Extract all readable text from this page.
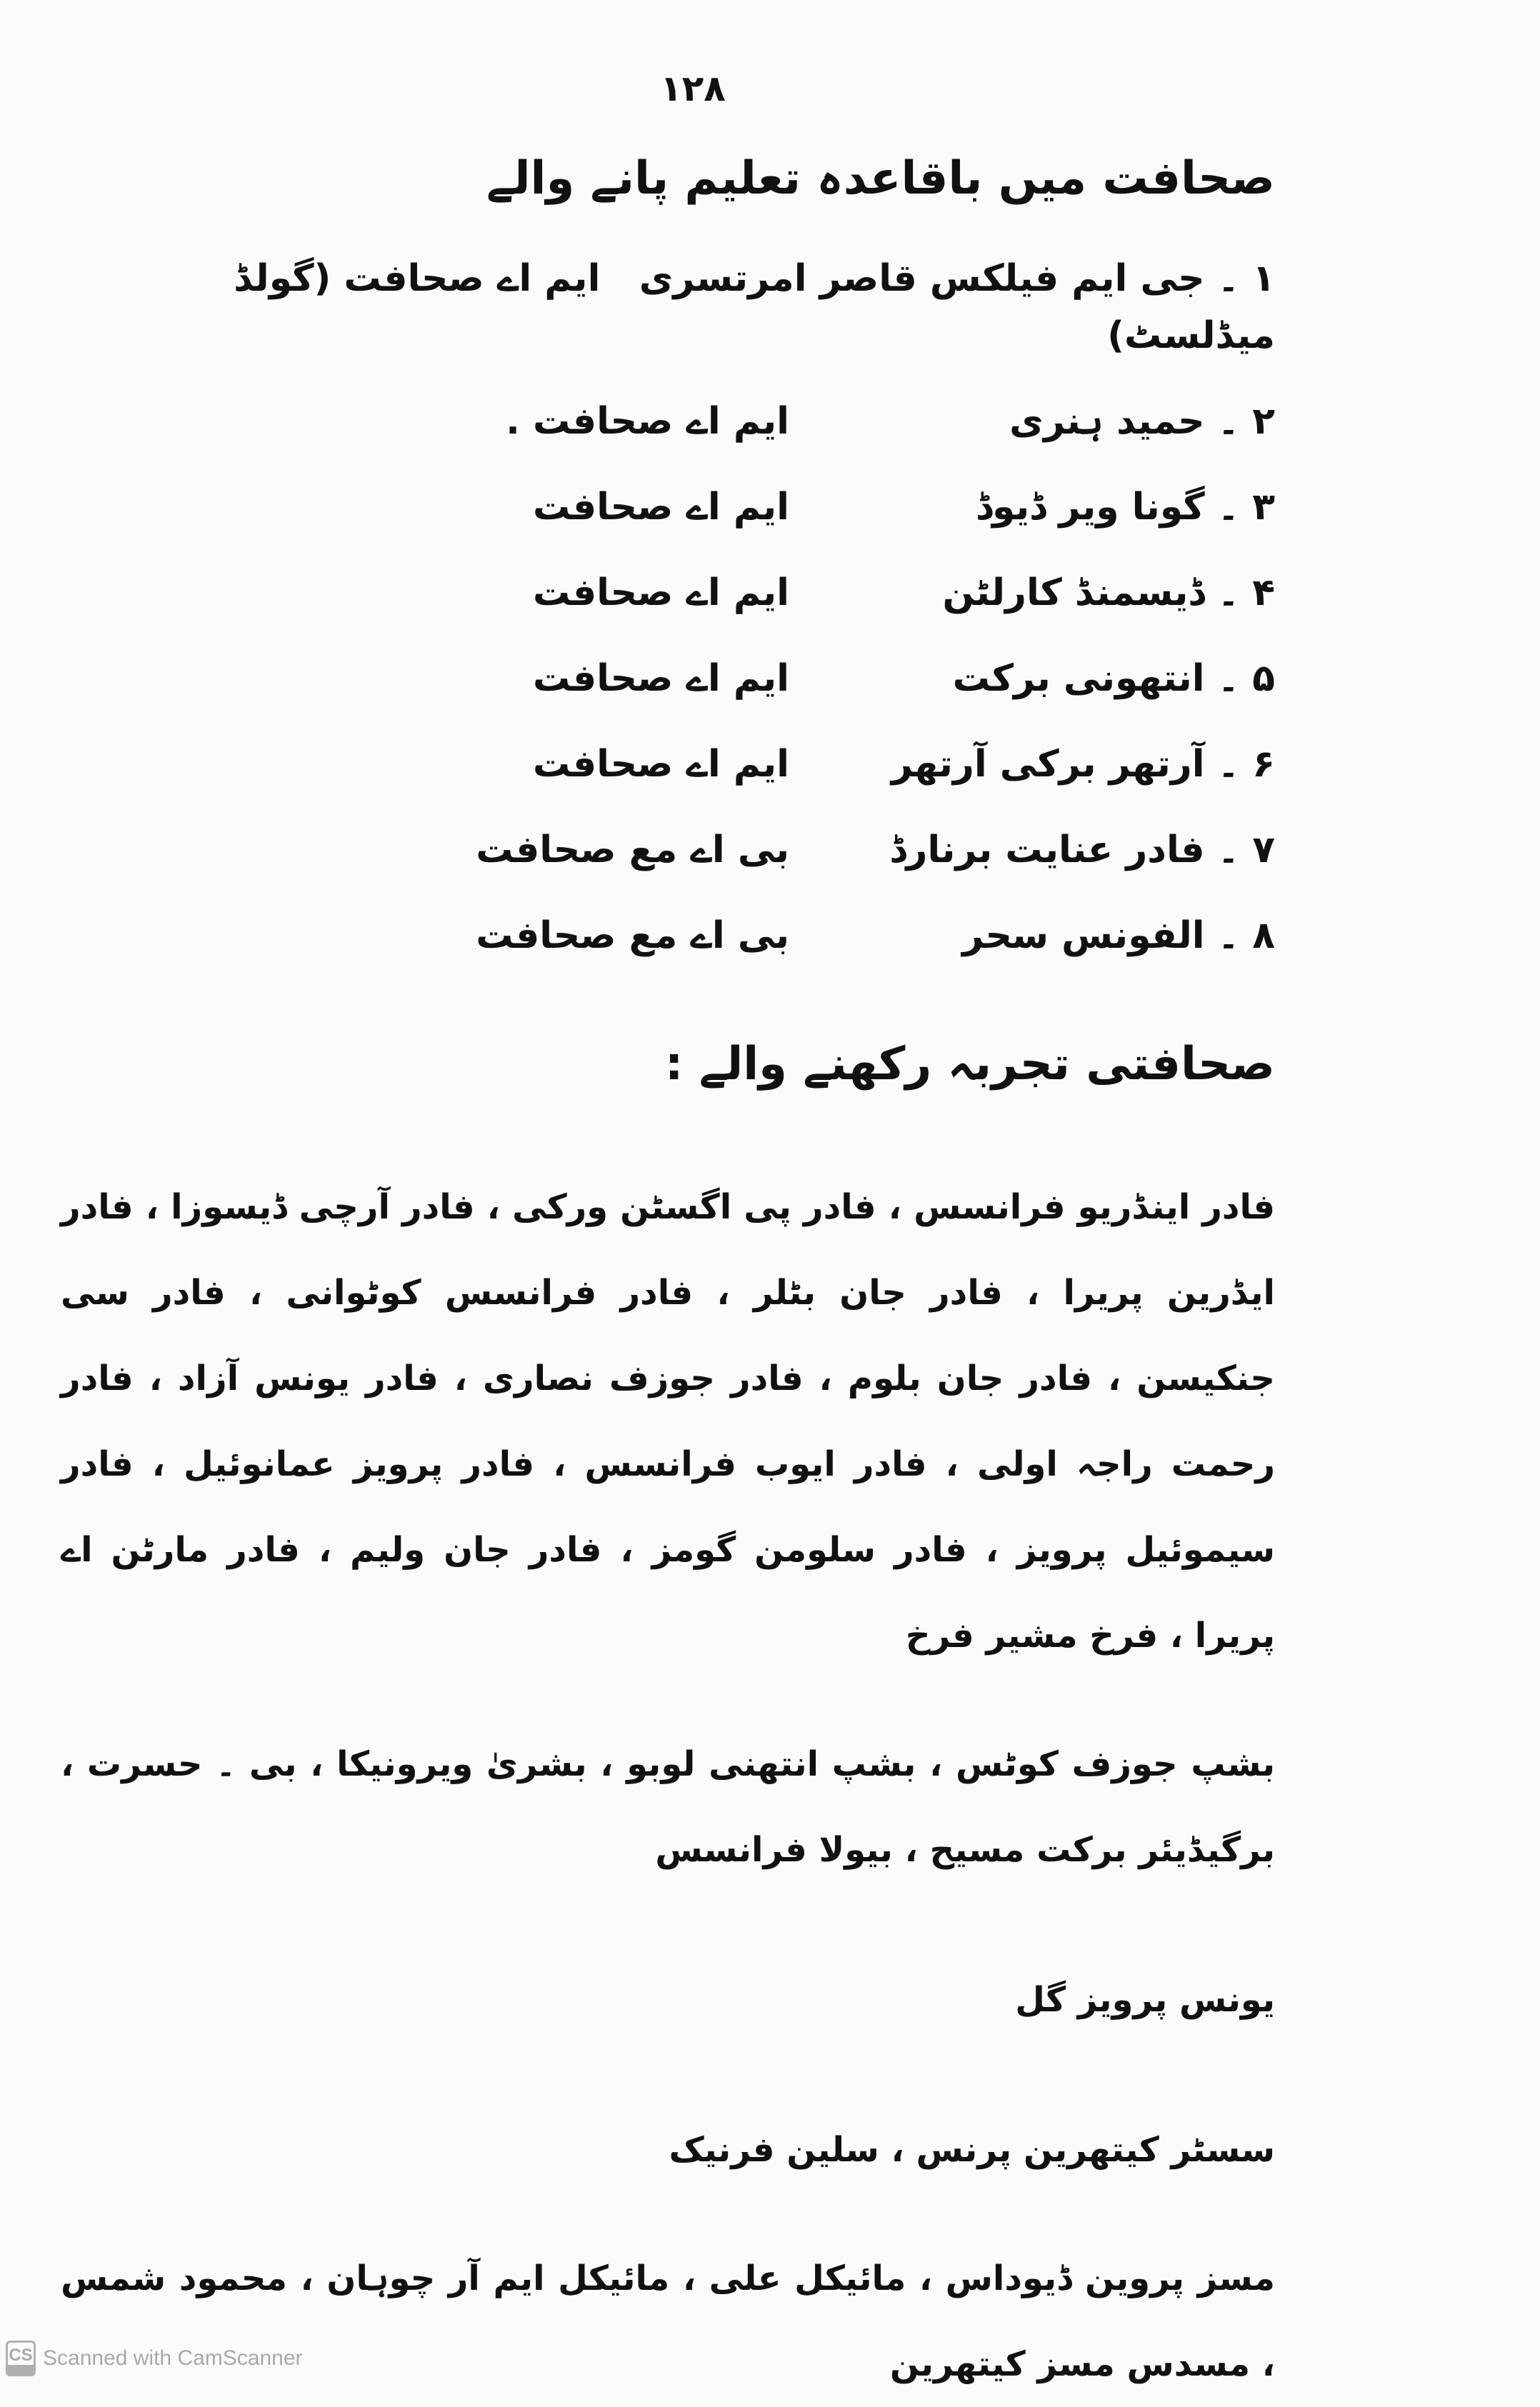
۱۲۸
صحافت میں باقاعدہ تعلیم پانے والے
۱ ۔ جی ایم فیلکس قاصر امرتسری   ایم اے صحافت (گولڈ میڈلسٹ)
۲ ۔ حمید ہنری
ایم اے صحافت .
۳ ۔ گونا ویر ڈیوڈ
ایم اے صحافت
۴ ۔ ڈیسمنڈ کارلٹن
ایم اے صحافت
۵ ۔ انتھونی برکت
ایم اے صحافت
۶ ۔ آرتھر برکی آرتھر
ایم اے صحافت
۷ ۔ فادر عنایت برنارڈ
بی اے مع صحافت
۸ ۔ الفونس سحر
بی اے مع صحافت
صحافتی تجربہ رکھنے والے :

فادر اینڈریو فرانسس ، فادر پی اگسٹن ورکی ، فادر آرچی ڈیسوزا ، فادر ایڈرین پریرا ، فادر جان بٹلر ، فادر فرانسس کوٹوانی ، فادر سی جنکیسن ، فادر جان بلوم ، فادر جوزف نصاری ، فادر یونس آزاد ، فادر رحمت راجہ اولی ، فادر ایوب فرانسس ، فادر پرویز عمانوئیل ، فادر سیموئیل پرویز ، فادر سلومن گومز ، فادر جان ولیم ، فادر مارٹن اے پریرا ، فرخ مشیر فرخ

بشپ جوزف کوٹس ، بشپ انتھنی لوبو ، بشریٰ ویرونیکا ، بی ۔ حسرت ، برگیڈیئر برکت مسیح ، بیولا فرانسس

یونس پرویز گل

سسٹر کیتھرین پرنس ، سلین فرنیک

مسز پروین ڈیوداس ، مائیکل علی ، مائیکل ایم آر چوہان ، محمود شمس ، مسدس مسز کیتھرین

CS Scanned with CamScanner
